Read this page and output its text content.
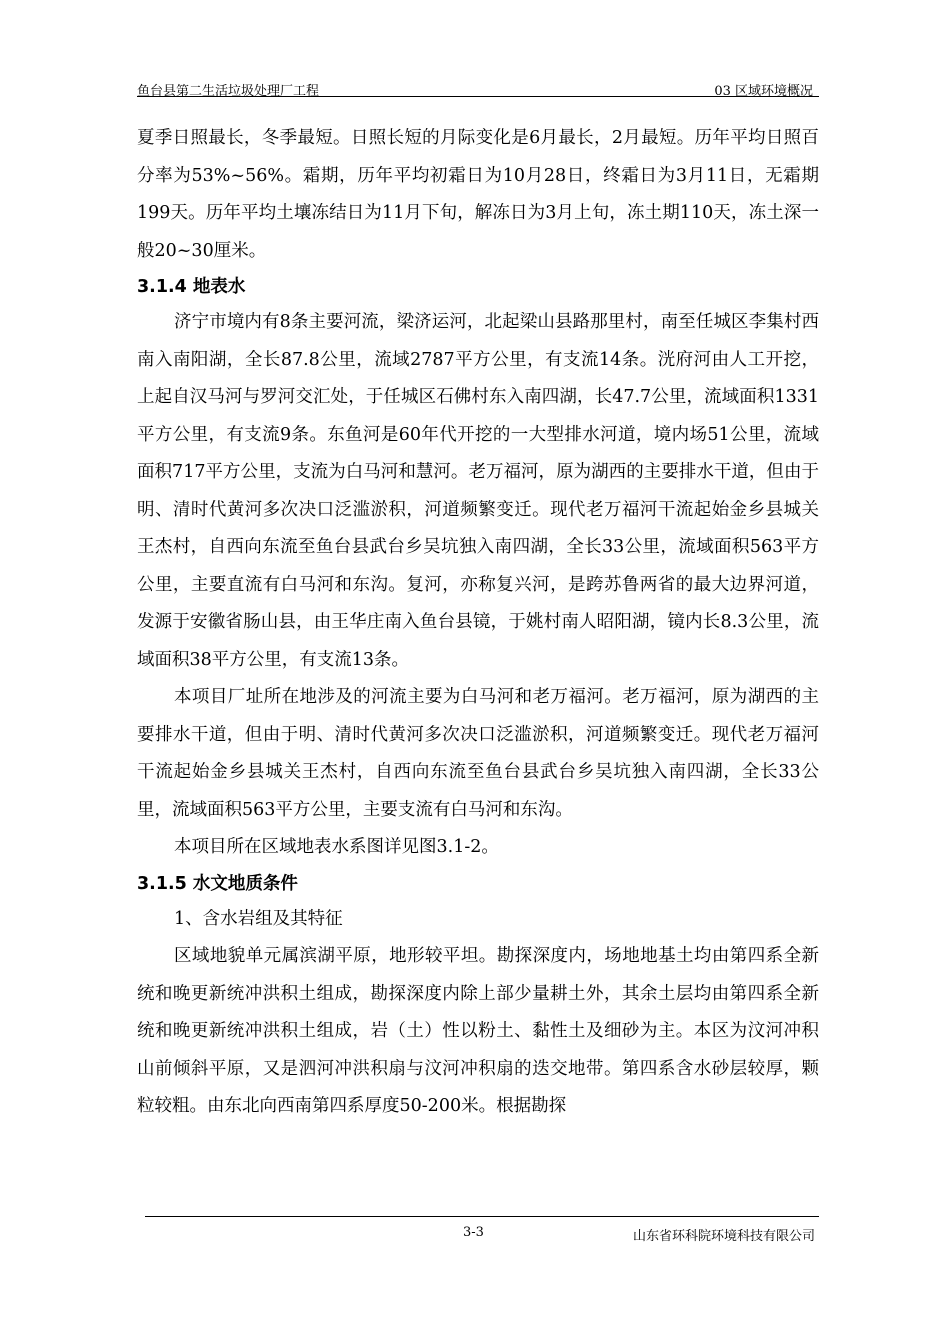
鱼台县第二生活垃圾处理厂工程	03 区域环境概况

夏季日照最长，冬季最短。日照长短的月际变化是6月最长，2月最短。历年平均日照百分率为53%~56%。霜期，历年平均初霜日为10月28日，终霜日为3月11日，无霜期199天。历年平均土壤冻结日为11月下旬，解冻日为3月上旬，冻土期110天，冻土深一般20~30厘米。

3.1.4 地表水

济宁市境内有8条主要河流，梁济运河，北起梁山县路那里村，南至任城区李集村西南入南阳湖，全长87.8公里，流域2787平方公里，有支流14条。洸府河由人工开挖，上起自汉马河与罗河交汇处，于任城区石佛村东入南四湖，长47.7公里，流域面积1331平方公里，有支流9条。东鱼河是60年代开挖的一大型排水河道，境内场51公里，流域面积717平方公里，支流为白马河和慧河。老万福河，原为湖西的主要排水干道，但由于明、清时代黄河多次决口泛滥淤积，河道频繁变迁。现代老万福河干流起始金乡县城关王杰村，自西向东流至鱼台县武台乡吴坑独入南四湖，全长33公里，流域面积563平方公里，主要直流有白马河和东沟。复河，亦称复兴河，是跨苏鲁两省的最大边界河道，发源于安徽省肠山县，由王华庄南入鱼台县镜，于姚村南人昭阳湖，镜内长8.3公里，流域面积38平方公里，有支流13条。

本项目厂址所在地涉及的河流主要为白马河和老万福河。老万福河，原为湖西的主要排水干道，但由于明、清时代黄河多次决口泛滥淤积，河道频繁变迁。现代老万福河干流起始金乡县城关王杰村，自西向东流至鱼台县武台乡吴坑独入南四湖，全长33公里，流域面积563平方公里，主要支流有白马河和东沟。

本项目所在区域地表水系图详见图3.1-2。

3.1.5 水文地质条件

1、含水岩组及其特征

区域地貌单元属滨湖平原，地形较平坦。勘探深度内，场地地基土均由第四系全新统和晚更新统冲洪积土组成，勘探深度内除上部少量耕土外，其余土层均由第四系全新统和晚更新统冲洪积土组成，岩（土）性以粉土、黏性土及细砂为主。本区为汶河冲积山前倾斜平原，又是泗河冲洪积扇与汶河冲积扇的迭交地带。第四系含水砂层较厚，颗粒较粗。由东北向西南第四系厚度50-200米。根据勘探

3-3	山东省环科院环境科技有限公司
